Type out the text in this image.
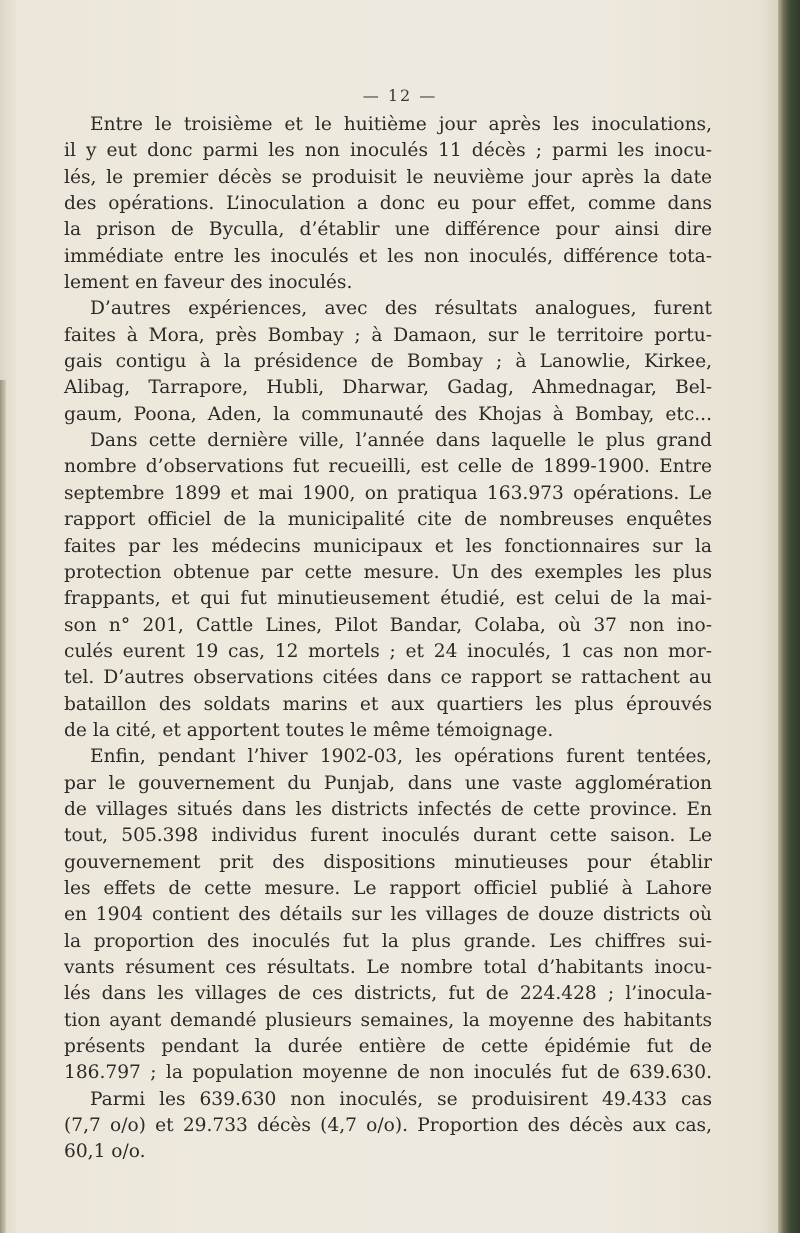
— 12 —
Entre le troisième et le huitième jour après les inoculations,
il y eut donc parmi les non inoculés 11 décès ; parmi les inocu-
lés, le premier décès se produisit le neuvième jour après la date
des opérations. L’inoculation a donc eu pour effet, comme dans
la prison de Byculla, d’établir une différence pour ainsi dire
immédiate entre les inoculés et les non inoculés, différence tota-
lement en faveur des inoculés.
D’autres expériences, avec des résultats analogues, furent
faites à Mora, près Bombay ; à Damaon, sur le territoire portu-
gais contigu à la présidence de Bombay ; à Lanowlie, Kirkee,
Alibag, Tarrapore, Hubli, Dharwar, Gadag, Ahmednagar, Bel-
gaum, Poona, Aden, la communauté des Khojas à Bombay, etc...
Dans cette dernière ville, l’année dans laquelle le plus grand
nombre d’observations fut recueilli, est celle de 1899-1900. Entre
septembre 1899 et mai 1900, on pratiqua 163.973 opérations. Le
rapport officiel de la municipalité cite de nombreuses enquêtes
faites par les médecins municipaux et les fonctionnaires sur la
protection obtenue par cette mesure. Un des exemples les plus
frappants, et qui fut minutieusement étudié, est celui de la mai-
son n° 201, Cattle Lines, Pilot Bandar, Colaba, où 37 non ino-
culés eurent 19 cas, 12 mortels ; et 24 inoculés, 1 cas non mor-
tel. D’autres observations citées dans ce rapport se rattachent au
bataillon des soldats marins et aux quartiers les plus éprouvés
de la cité, et apportent toutes le même témoignage.
Enfin, pendant l’hiver 1902-03, les opérations furent tentées,
par le gouvernement du Punjab, dans une vaste agglomération
de villages situés dans les districts infectés de cette province. En
tout, 505.398 individus furent inoculés durant cette saison. Le
gouvernement prit des dispositions minutieuses pour établir
les effets de cette mesure. Le rapport officiel publié à Lahore
en 1904 contient des détails sur les villages de douze districts où
la proportion des inoculés fut la plus grande. Les chiffres sui-
vants résument ces résultats. Le nombre total d’habitants inocu-
lés dans les villages de ces districts, fut de 224.428 ; l’inocula-
tion ayant demandé plusieurs semaines, la moyenne des habitants
présents pendant la durée entière de cette épidémie fut de
186.797 ; la population moyenne de non inoculés fut de 639.630.
Parmi les 639.630 non inoculés, se produisirent 49.433 cas
(7,7 o/o) et 29.733 décès (4,7 o/o). Proportion des décès aux cas,
60,1 o/o.
